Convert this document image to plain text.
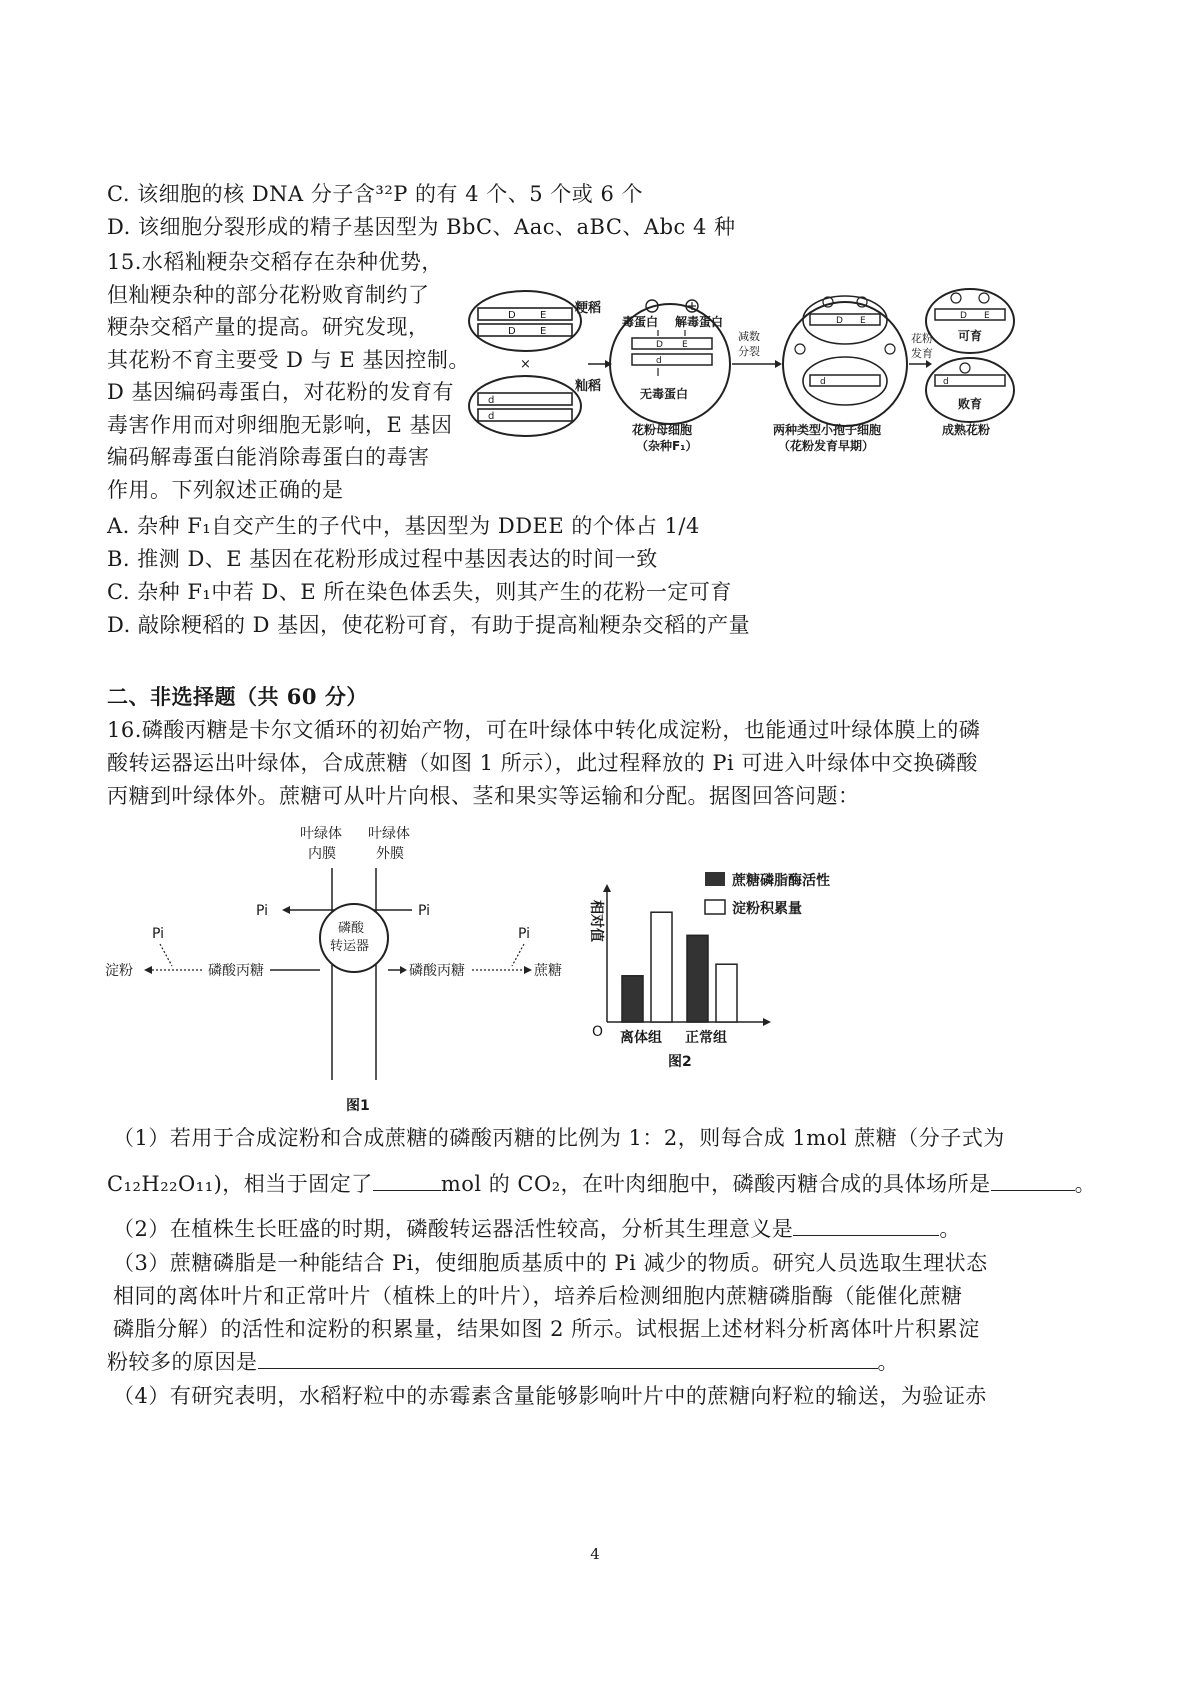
C. 该细胞的核 DNA 分子含³²P 的有 4 个、5 个或 6 个
D. 该细胞分裂形成的精子基因型为 BbC、Aac、aBC、Abc 4 种
15.水稻籼粳杂交稻存在杂种优势，
但籼粳杂种的部分花粉败育制约了
粳杂交稻产量的提高。研究发现，
其花粉不育主要受 D 与 E 基因控制。
D 基因编码毒蛋白，对花粉的发育有
毒害作用而对卵细胞无影响，E 基因
编码解毒蛋白能消除毒蛋白的毒害
作用。下列叙述正确的是
D E
D E
粳稻
×
d
d
籼稻
毒蛋白 解毒蛋白
D E
d
无毒蛋白
减数
分裂
D E
d
花粉
发育
D E
可育
d
败育
花粉母细胞
（杂种F₁）
两种类型小孢子细胞
（花粉发育早期）
成熟花粉
A. 杂种 F₁自交产生的子代中，基因型为 DDEE 的个体占 1/4
B. 推测 D、E 基因在花粉形成过程中基因表达的时间一致
C. 杂种 F₁中若 D、E 所在染色体丢失，则其产生的花粉一定可育
D. 敲除粳稻的 D 基因，使花粉可育，有助于提高籼粳杂交稻的产量
二、非选择题（共 60 分）
16.磷酸丙糖是卡尔文循环的初始产物，可在叶绿体中转化成淀粉，也能通过叶绿体膜上的磷
酸转运器运出叶绿体，合成蔗糖（如图 1 所示），此过程释放的 Pi 可进入叶绿体中交换磷酸
丙糖到叶绿体外。蔗糖可从叶片向根、茎和果实等运输和分配。据图回答问题：
叶绿体
内膜
叶绿体
外膜
Pi	Pi
磷酸
转运器
Pi
淀粉	磷酸丙糖	磷酸丙糖	蔗糖
Pi
图1
蔗糖磷脂酶活性
淀粉积累量
相对值
O 离体组 正常组
图2
（1）若用于合成淀粉和合成蔗糖的磷酸丙糖的比例为 1：2，则每合成 1mol 蔗糖（分子式为
C₁₂H₂₂O₁₁)，相当于固定了	mol 的 CO₂，在叶肉细胞中，磷酸丙糖合成的具体场所是	。
（2）在植株生长旺盛的时期，磷酸转运器活性较高，分析其生理意义是	。
（3）蔗糖磷脂是一种能结合 Pi，使细胞质基质中的 Pi 减少的物质。研究人员选取生理状态
相同的离体叶片和正常叶片（植株上的叶片），培养后检测细胞内蔗糖磷脂酶（能催化蔗糖
磷脂分解）的活性和淀粉的积累量，结果如图 2 所示。试根据上述材料分析离体叶片积累淀
粉较多的原因是	。
（4）有研究表明，水稻籽粒中的赤霉素含量能够影响叶片中的蔗糖向籽粒的输送，为验证赤
4
